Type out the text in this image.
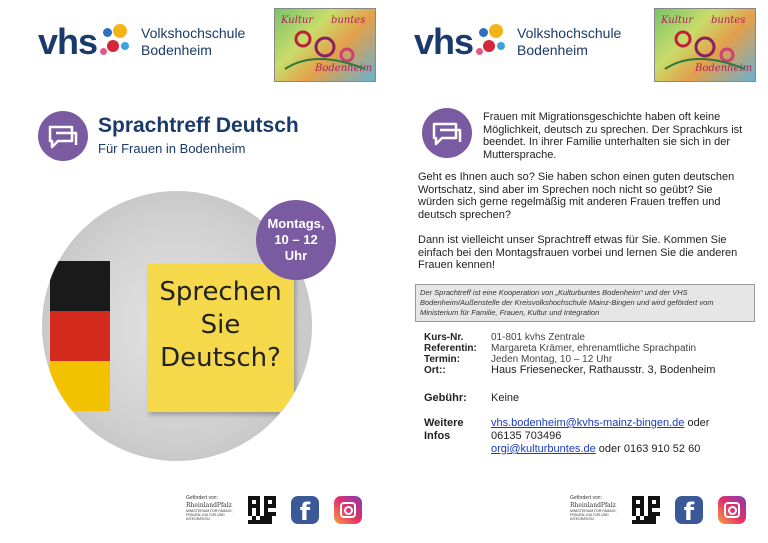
vhs	Volkshochschule
Bodenheim
Kultur buntes
Bodenheim
Sprachtreff Deutsch
Für Frauen in Bodenheim
Sprechen
Sie
Deutsch?
Montags,
10 – 12
Uhr
Gefördert von:
RheinlandPfalz
MINISTERIUM FÜR FAMILIE, FRAUEN, KULTUR UND INTEGRATION	f
vhs	Volkshochschule
Bodenheim
Kultur buntes
Bodenheim
Frauen mit Migrationsgeschichte haben oft keine Möglichkeit, deutsch zu sprechen. Der Sprachkurs ist beendet. In ihrer Familie unterhalten sie sich in der Muttersprache.
Geht es Ihnen auch so? Sie haben schon einen guten deutschen Wortschatz, sind aber im Sprechen noch nicht so geübt? Sie würden sich gerne regelmäßig mit anderen Frauen treffen und deutsch sprechen?
Dann ist vielleicht unser Sprachtreff etwas für Sie. Kommen Sie einfach bei den Montagsfrauen vorbei und lernen Sie die anderen Frauen kennen!
Der Sprachtreff ist eine Kooperation von „Kulturbuntes Bodenheim“ und der VHS Bodenheim/Außenstelle der Kreisvolkshochschule Mainz-Bingen und wird gefördert vom Ministerium für Familie, Frauen, Kultur und Integration
Kurs-Nr.	01-801 kvhs Zentrale
Referentin:	Margareta Krämer, ehrenamtliche Sprachpatin
Termin:	Jeden Montag, 10 – 12 Uhr
Ort::	Haus Friesenecker, Rathausstr. 3, Bodenheim
Gebühr:	Keine
Weitere
Infos
vhs.bodenheim@kvhs-mainz-bingen.de oder
06135 703496
orgi@kulturbuntes.de oder 0163 910 52 60
Gefördert von:
RheinlandPfalz
MINISTERIUM FÜR FAMILIE, FRAUEN, KULTUR UND INTEGRATION	f
